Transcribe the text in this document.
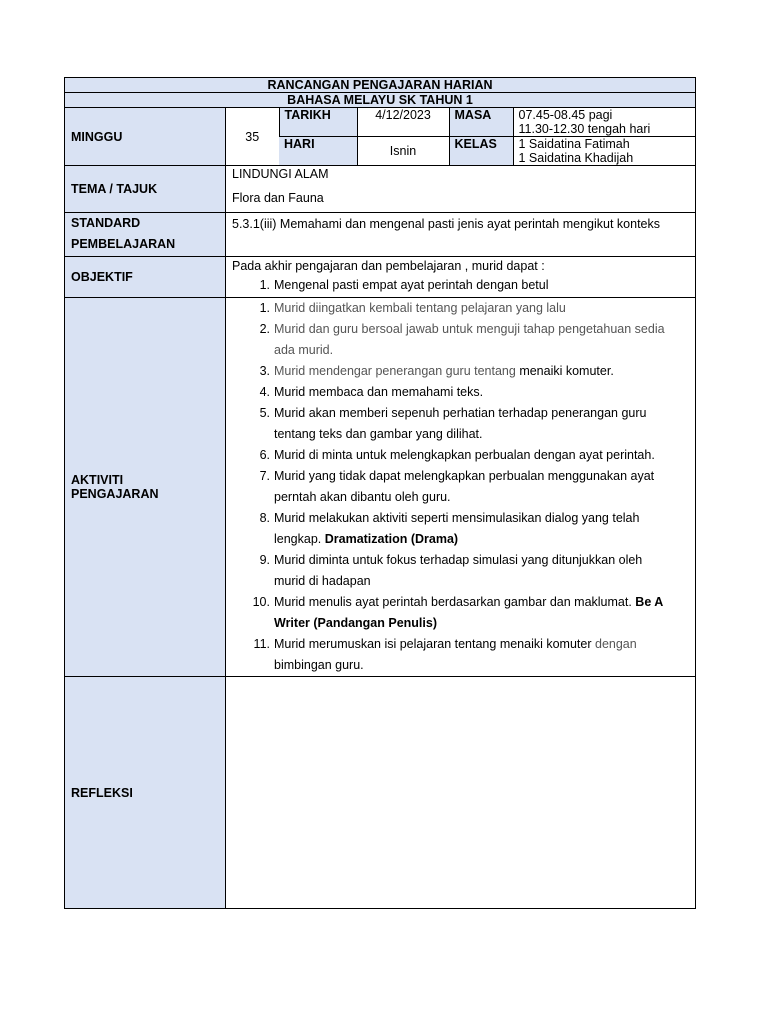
RANCANGAN PENGAJARAN HARIAN
BAHASA MELAYU SK TAHUN 1
MINGGU		35	TARIKH	4/12/2023	MASA	07.45-08.45 pagi
11.30-12.30 tengah hari

HARI	Isnin	KELAS	1 Saidatina Fatimah
1 Saidatina Khadijah

TEMA / TAJUK	
LINDUNGI ALAM
Flora dan Fauna

STANDARD
PEMBELAJARAN
	5.3.1(iii) Memahami dan mengenal pasti jenis ayat perintah mengikut konteks
OBJEKTIF	
Pada akhir pengajaran dan pembelajaran , murid dapat :
1. Mengenal pasti empat ayat perintah dengan betul

AKTIVITI
PENGAJARAN

1. Murid diingatkan kembali tentang pelajaran yang lalu
2. Murid dan guru bersoal jawab untuk menguji tahap pengetahuan sedia
ada murid.
3. Murid mendengar penerangan guru tentang menaiki komuter.
4. Murid membaca dan memahami teks.
5. Murid akan memberi sepenuh perhatian terhadap penerangan guru
tentang teks dan gambar yang dilihat.
6. Murid di minta untuk melengkapkan perbualan dengan ayat perintah.
7. Murid yang tidak dapat melengkapkan perbualan menggunakan ayat
perntah akan dibantu oleh guru.
8. Murid melakukan aktiviti seperti mensimulasikan dialog yang telah
lengkap. Dramatization (Drama)
9. Murid diminta untuk fokus terhadap simulasi yang ditunjukkan oleh
murid di hadapan
10. Murid menulis ayat perintah berdasarkan gambar dan maklumat. Be A
Writer (Pandangan Penulis)
11. Murid merumuskan isi pelajaran tentang menaiki komuter dengan
bimbingan guru.

REFLEKSI	
